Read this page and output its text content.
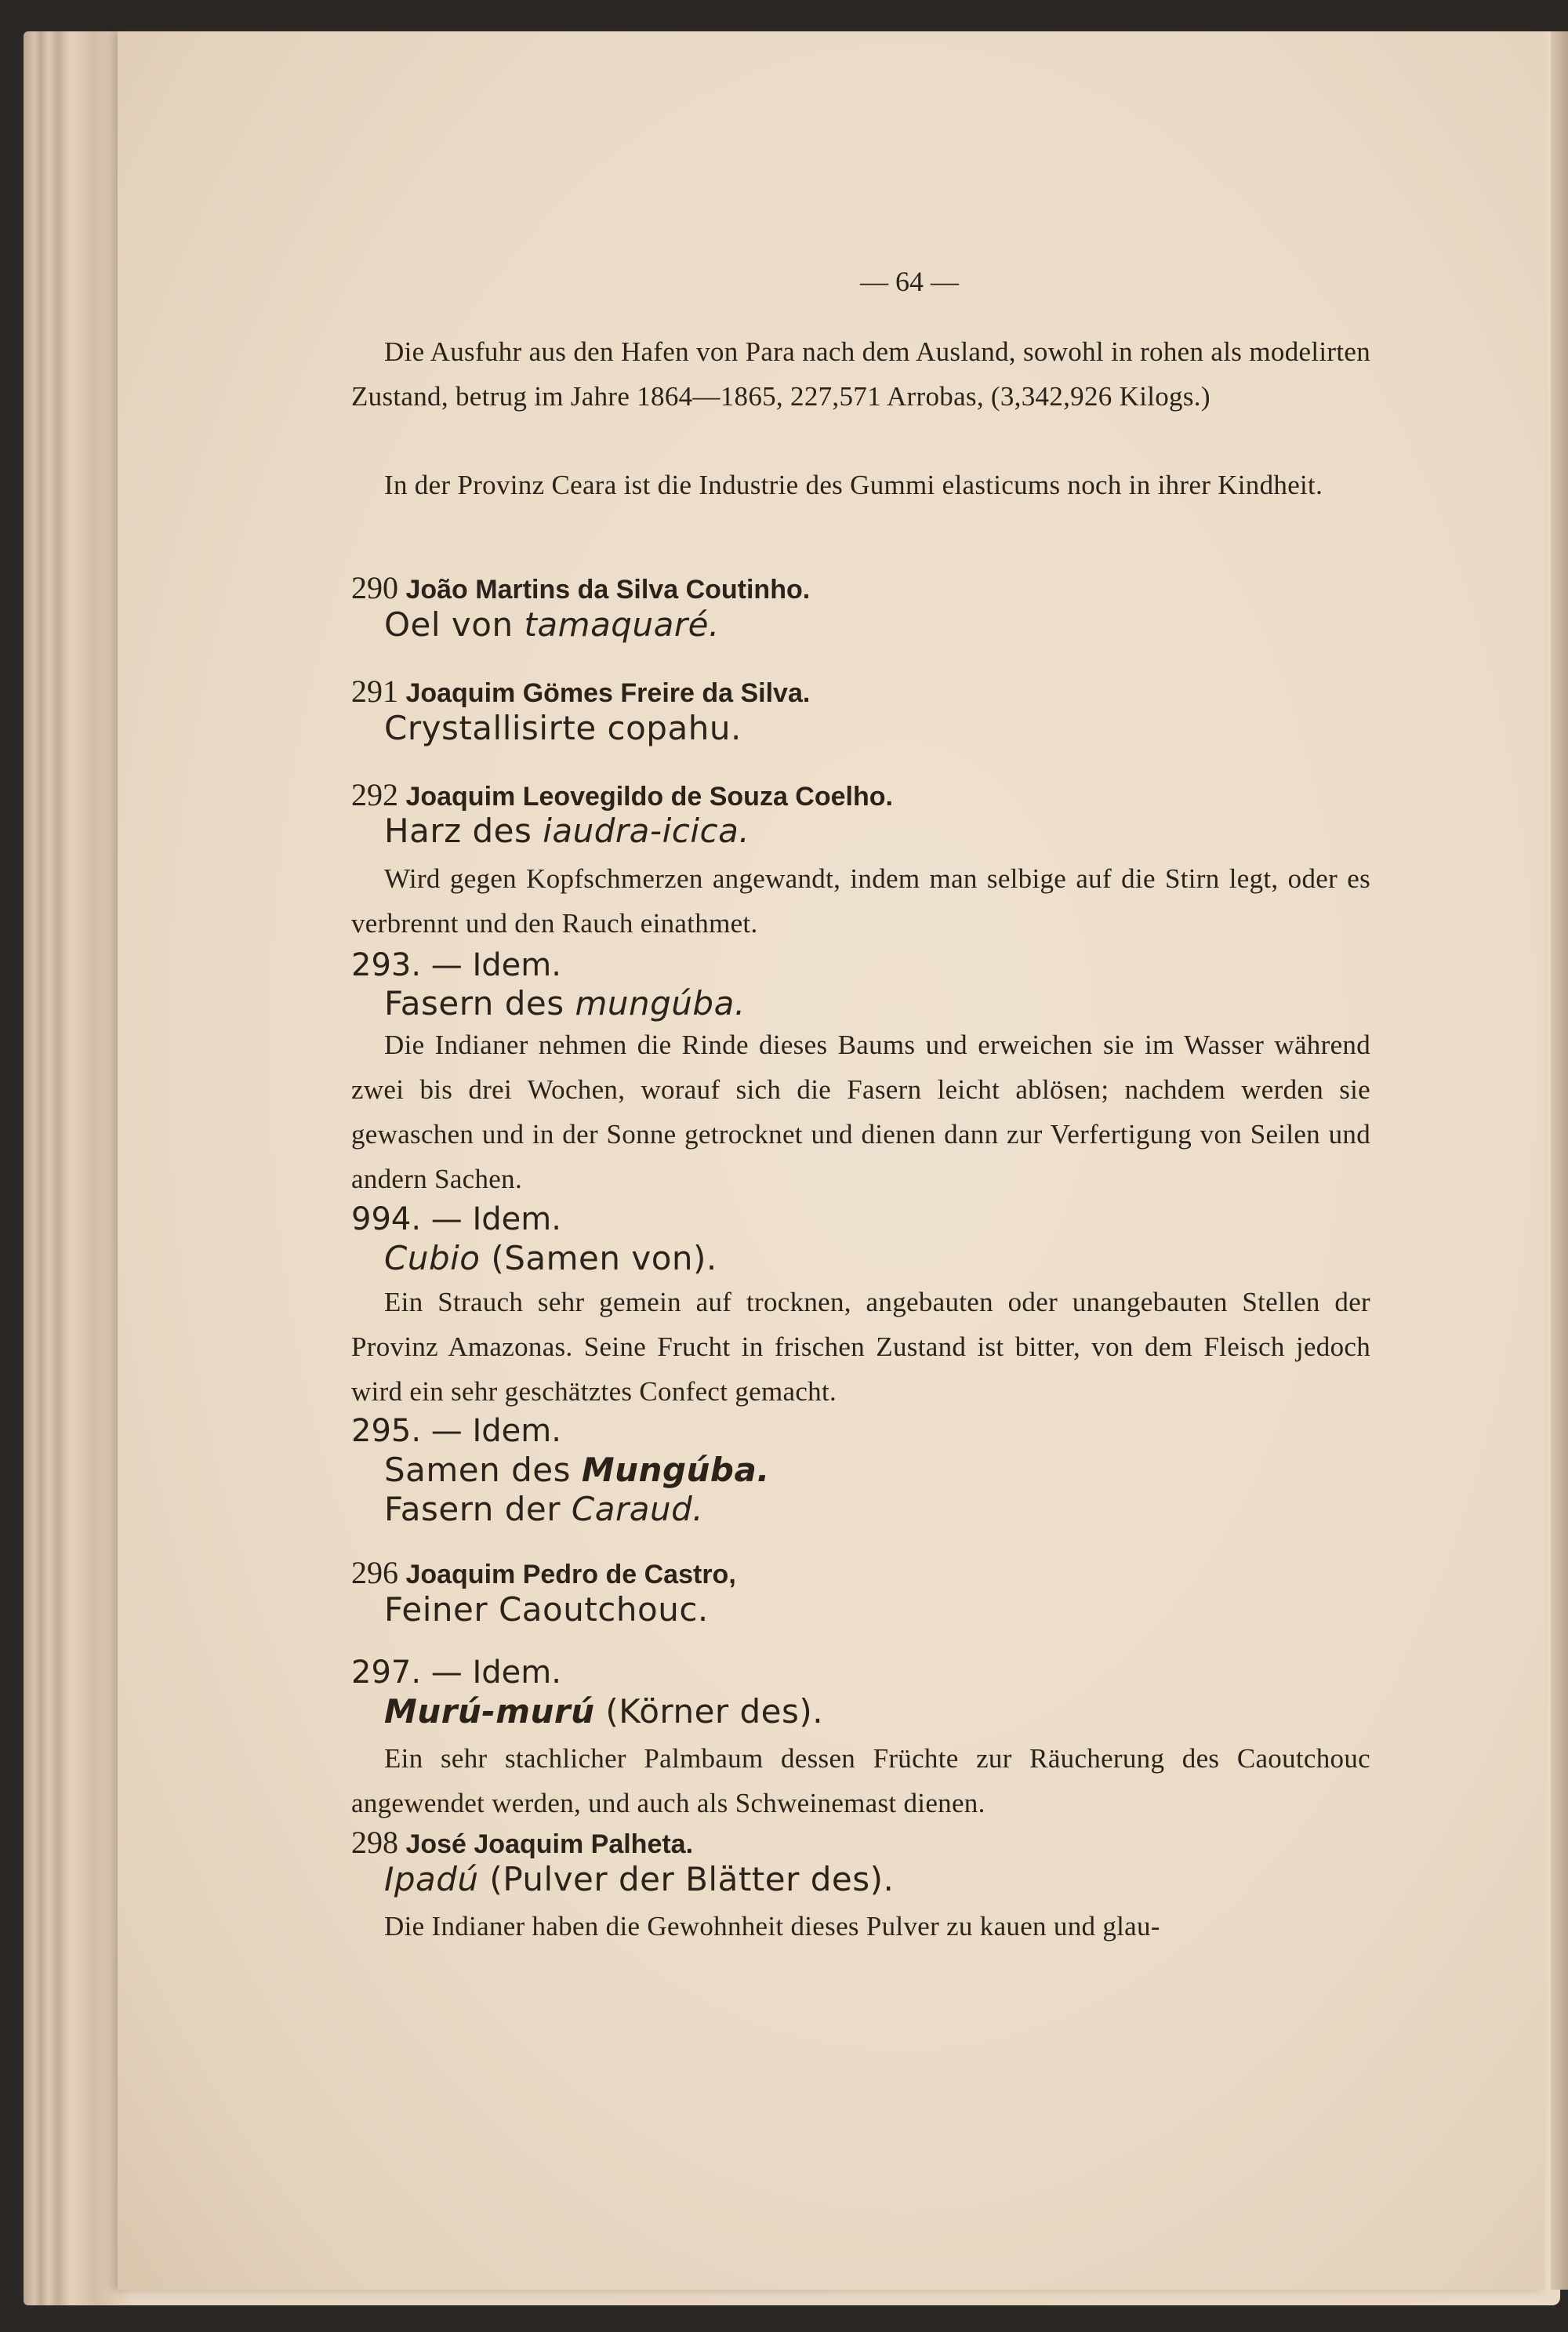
— 64 —

Die Ausfuhr aus den Hafen von Para nach dem Ausland, sowohl in rohen als modelirten Zustand, betrug im Jahre 1864—1865, 227,571 Arrobas, (3,342,926 Kilogs.)

In der Provinz Ceara ist die Industrie des Gummi elasticums noch in ihrer Kindheit.

290 João Martins da Silva Coutinho.
Oel von tamaquaré.
291 Joaquim Gömes Freire da Silva.
Crystallisirte copahu.
292 Joaquim Leovegildo de Souza Coelho.
Harz des iaudra-icica.

Wird gegen Kopfschmerzen angewandt, indem man selbige auf die Stirn legt, oder es verbrennt und den Rauch einathmet.

293. — Idem.
Fasern des mungúba.

Die Indianer nehmen die Rinde dieses Baums und erweichen sie im Wasser während zwei bis drei Wochen, worauf sich die Fasern leicht ablösen; nachdem werden sie gewaschen und in der Sonne getrocknet und dienen dann zur Verfertigung von Seilen und andern Sachen.

994. — Idem.
Cubio (Samen von).

Ein Strauch sehr gemein auf trocknen, angebauten oder unangebauten Stellen der Provinz Amazonas. Seine Frucht in frischen Zustand ist bitter, von dem Fleisch jedoch wird ein sehr geschätztes Confect gemacht.

295. — Idem.
Samen des Mungúba.
Fasern der Caraud.
296 Joaquim Pedro de Castro,
Feiner Caoutchouc.
297. — Idem.
Murú-murú (Körner des).

Ein sehr stachlicher Palmbaum dessen Früchte zur Räucherung des Caoutchouc angewendet werden, und auch als Schweinemast dienen.

298 José Joaquim Palheta.
Ipadú (Pulver der Blätter des).

Die Indianer haben die Gewohnheit dieses Pulver zu kauen und glau-
